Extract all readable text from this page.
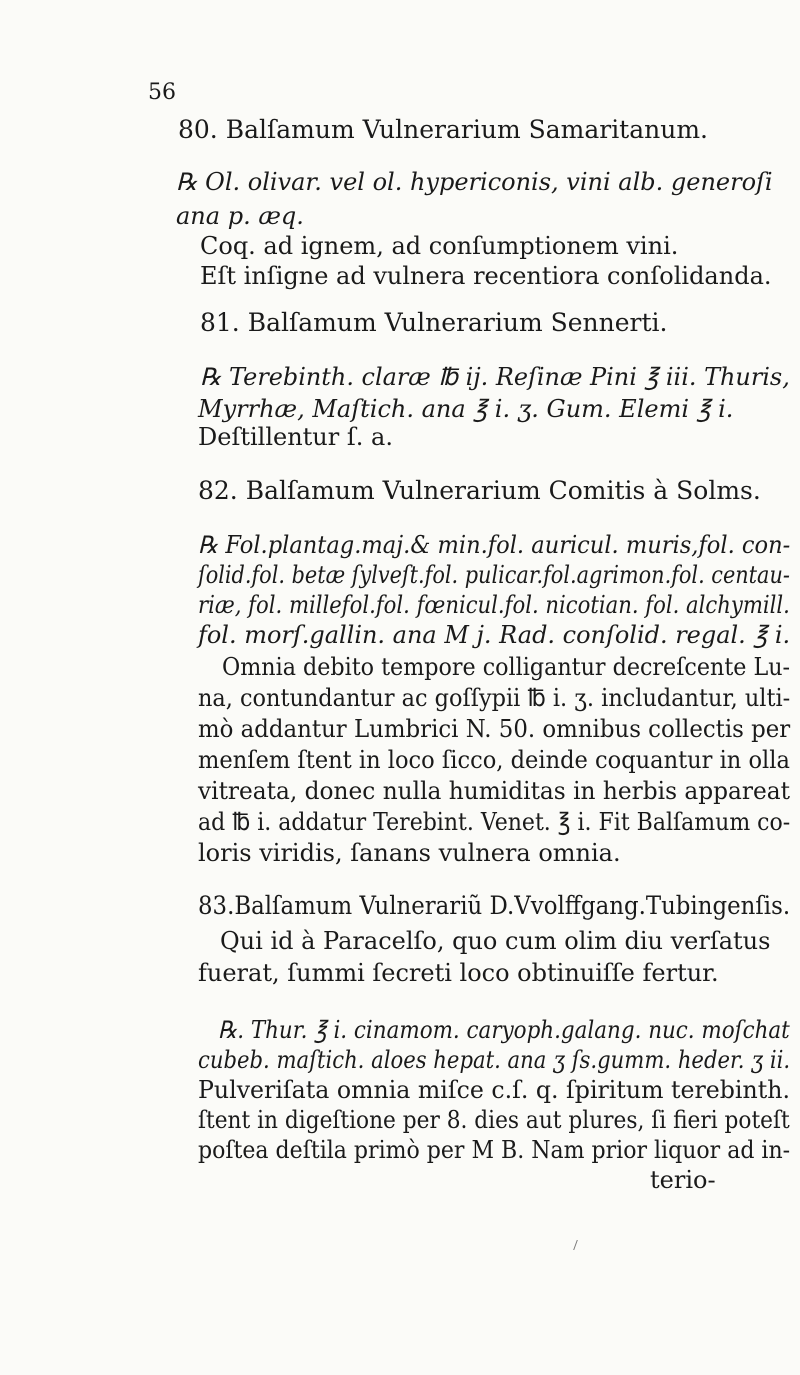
56
80. Balſamum Vulnerarium Samaritanum.
℞ Ol. olivar. vel ol. hypericonis, vini alb. generoſi
ana p. æq.
Coq. ad ignem, ad conſumptionem vini.
Eſt inſigne ad vulnera recentiora conſolidanda.
81. Balſamum Vulnerarium Sennerti.
℞ Terebinth. claræ ℔ ij. Reſinæ Pini ℥ iii. Thuris,
Myrrhæ, Maſtich. ana ℥ i. ʒ. Gum. Elemi ℥ i.
Deſtillentur ſ. a.
82. Balſamum Vulnerarium Comitis à Solms.
℞ Fol.plantag.maj.& min.fol. auricul. muris,fol. con-
ſolid.fol. betæ ſylveſt.fol. pulicar.fol.agrimon.fol. centau-
riæ, fol. millefol.fol. fœnicul.fol. nicotian. fol. alchymill.
fol. morſ.gallin. ana M j. Rad. conſolid. regal. ℥ i.
Omnia debito tempore colligantur decreſcente Lu-
na, contundantur ac goſſypii ℔ i. ʒ. includantur, ulti-
mò addantur Lumbrici N. 50. omnibus collectis per
menſem ſtent in loco ſicco, deinde coquantur in olla
vitreata, donec nulla humiditas in herbis appareat
ad ℔ i. addatur Terebint. Venet. ℥ i. Fit Balſamum co-
loris viridis, ſanans vulnera omnia.
83.Balſamum Vulnerariũ D.Vvolffgang.Tubingenſis.
Qui id à Paracelſo, quo cum olim diu verſatus
fuerat, ſummi ſecreti loco obtinuiſſe fertur.
℞. Thur. ℥ i. cinamom. caryoph.galang. nuc. moſchat
cubeb. maſtich. aloes hepat. ana ʒ ſs.gumm. heder. ʒ ii.
Pulveriſata omnia miſce c.ſ. q. ſpiritum terebinth.
ſtent in digeſtione per 8. dies aut plures, ſi fieri poteſt
poſtea deſtila primò per M B. Nam prior liquor ad in-
terio-
